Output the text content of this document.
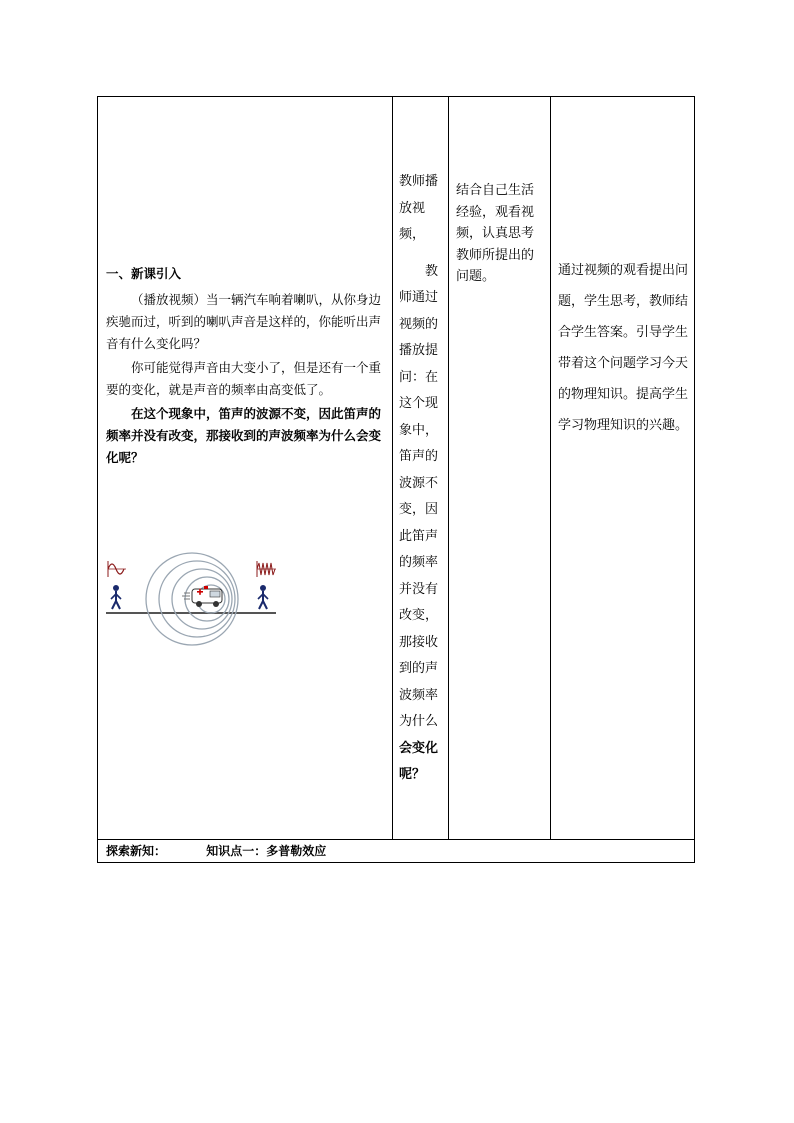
一、新课引入

（播放视频）当一辆汽车响着喇叭，从你身边疾驰而过，听到的喇叭声音是这样的，你能听出声音有什么变化吗？

你可能觉得声音由大变小了，但是还有一个重要的变化，就是声音的频率由高变低了。

在这个现象中，笛声的波源不变，因此笛声的频率并没有改变，那接收到的声波频率为什么会变化呢？

教师播放视频，
教师通过视频的播放提问：在这个现象中，笛声的波源不变，因此笛声的频率并没有改变，那接收到的声波频率为什么
会变化呢？
结合自己生活经验，观看视频，认真思考教师所提出的问题。	通过视频的观看提出问题，学生思考，教师结合学生答案。引导学生带着这个问题学习今天的物理知识。提高学生学习物理知识的兴趣。
探索新知：	知识点一：多普勒效应
